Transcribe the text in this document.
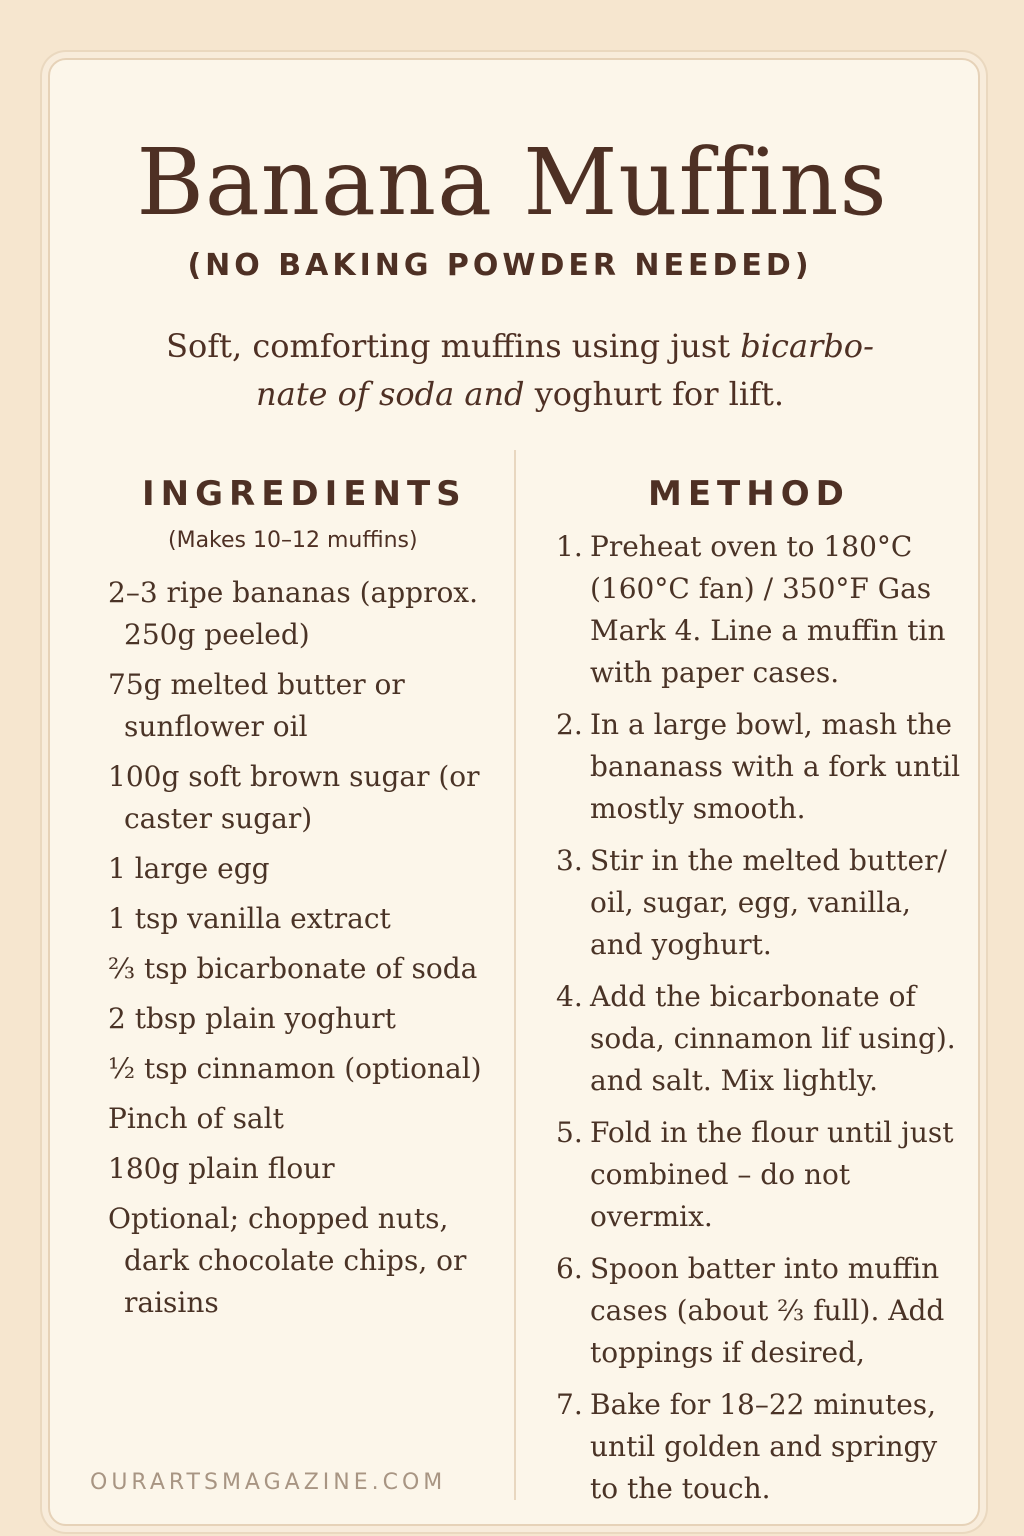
Banana Muffins
(NO BAKING POWDER NEEDED)
Soft, comforting muffins using just bicarbo-
nate of soda and yoghurt for lift.
INGREDIENTS
(Makes 10–12 muffins)
2–3 ripe bananas (approx. 250g peeled)
75g melted butter or sunflower oil
100g soft brown sugar (or caster sugar)
1 large egg
1 tsp vanilla extract
⅔ tsp bicarbonate of soda
2 tbsp plain yoghurt
½ tsp cinnamon (optional)
Pinch of salt
180g plain flour
Optional; chopped nuts, dark chocolate chips, or raisins
METHOD
1. Preheat oven to 180°C (160°C fan) / 350°F Gas Mark 4. Line a muffin tin with paper cases.
2. In a large bowl, mash the bananass with a fork until mostly smooth.
3. Stir in the melted butter/ oil, sugar, egg, vanilla, and yoghurt.
4. Add the bicarbonate of soda, cinnamon lif using). and salt. Mix lightly.
5. Fold in the flour until just combined – do not overmix.
6. Spoon batter into muffin cases (about ⅔ full). Add toppings if desired,
7. Bake for 18–22 minutes, until golden and springy to the touch.
OURARTSMAGAZINE.COM
